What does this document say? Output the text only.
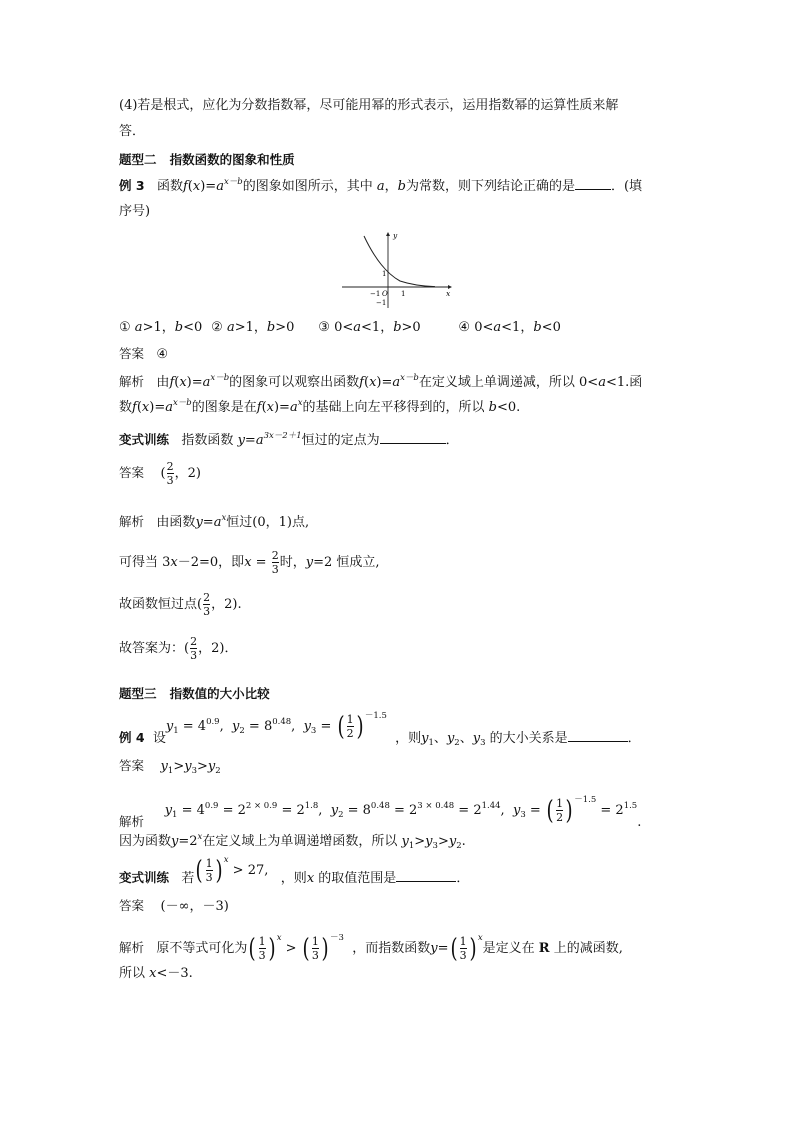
(4)若是根式，应化为分数指数幂，尽可能用幂的形式表示，运用指数幂的运算性质来解
答．
题型二 指数函数的图象和性质
例 3 函数$f(x)=a^{x-b}$的图象如图所示，其中 a，b为常数，则下列结论正确的是	．(填
序号)
y
x
1
−1 O 1
−1
① a>1，b<0 ② a>1，b>0 ③ 0<a<1，b>0	④ 0<a<1，b<0
答案 ④
解析 由$f(x)=a^{x-b}$的图象可以观察出函数$f(x)=a^{x-b}$在定义域上单调递减，所以 0<a<1.函
数$f(x)=a^{x-b}$的图象是在$f(x)=a^x$的基础上向左平移得到的，所以 b<0.
变式训练 指数函数 $y=a^{3x-2+1}$恒过的定点为	．
答案    ( $\frac{2}{3}$ ，2)
解析 由函数$y=a^x$恒过(0，1)点,
可得当 3x－2=0，即$x = \frac{2}{3}$ 时，y=2 恒成立,
故函数恒过点( $\frac{2}{3}$ ，2).
故答案为：( $\frac{2}{3}$ ，2)．
题型三 指数值的大小比较
例 4 设$y_1 = 4^{0.9}$,  $y_2 = 8^{0.48}$,  $y_3$ = ( $\frac{1}{2}$ ) $^{-1.5}$  ，则$y_1$、$y_2$、$y_3$ 的大小关系是	．
答案 $y_1>y_3>y_2$
解析     $y_1 = 4^{0.9} = 2^{2 \times 0.9} = 2^{1.8}$,  $y_2 = 8^{0.48} = 2^{3 \times 0.48} = 2^{1.44}$,  $y_3$ = ( $\frac{1}{2}$ ) $^{-1.5} = 2^{1.5}$.
因为函数$y=2^x$在定义域上为单调递增函数，所以 $y_1>y_3>y_2$.
变式训练 若( $\frac{1}{3}$ ) $^x$ > 27,   ，则x 的取值范围是	．
答案 (－∞，－3)
解析 原不等式可化为( $\frac{1}{3}$ ) $^x$ > ( $\frac{1}{3}$ ) $^{-3}$  ，而指数函数$y=( \frac{1}{3}$ ) $^x$是定义在 R 上的减函数,
所以 x<－3.
